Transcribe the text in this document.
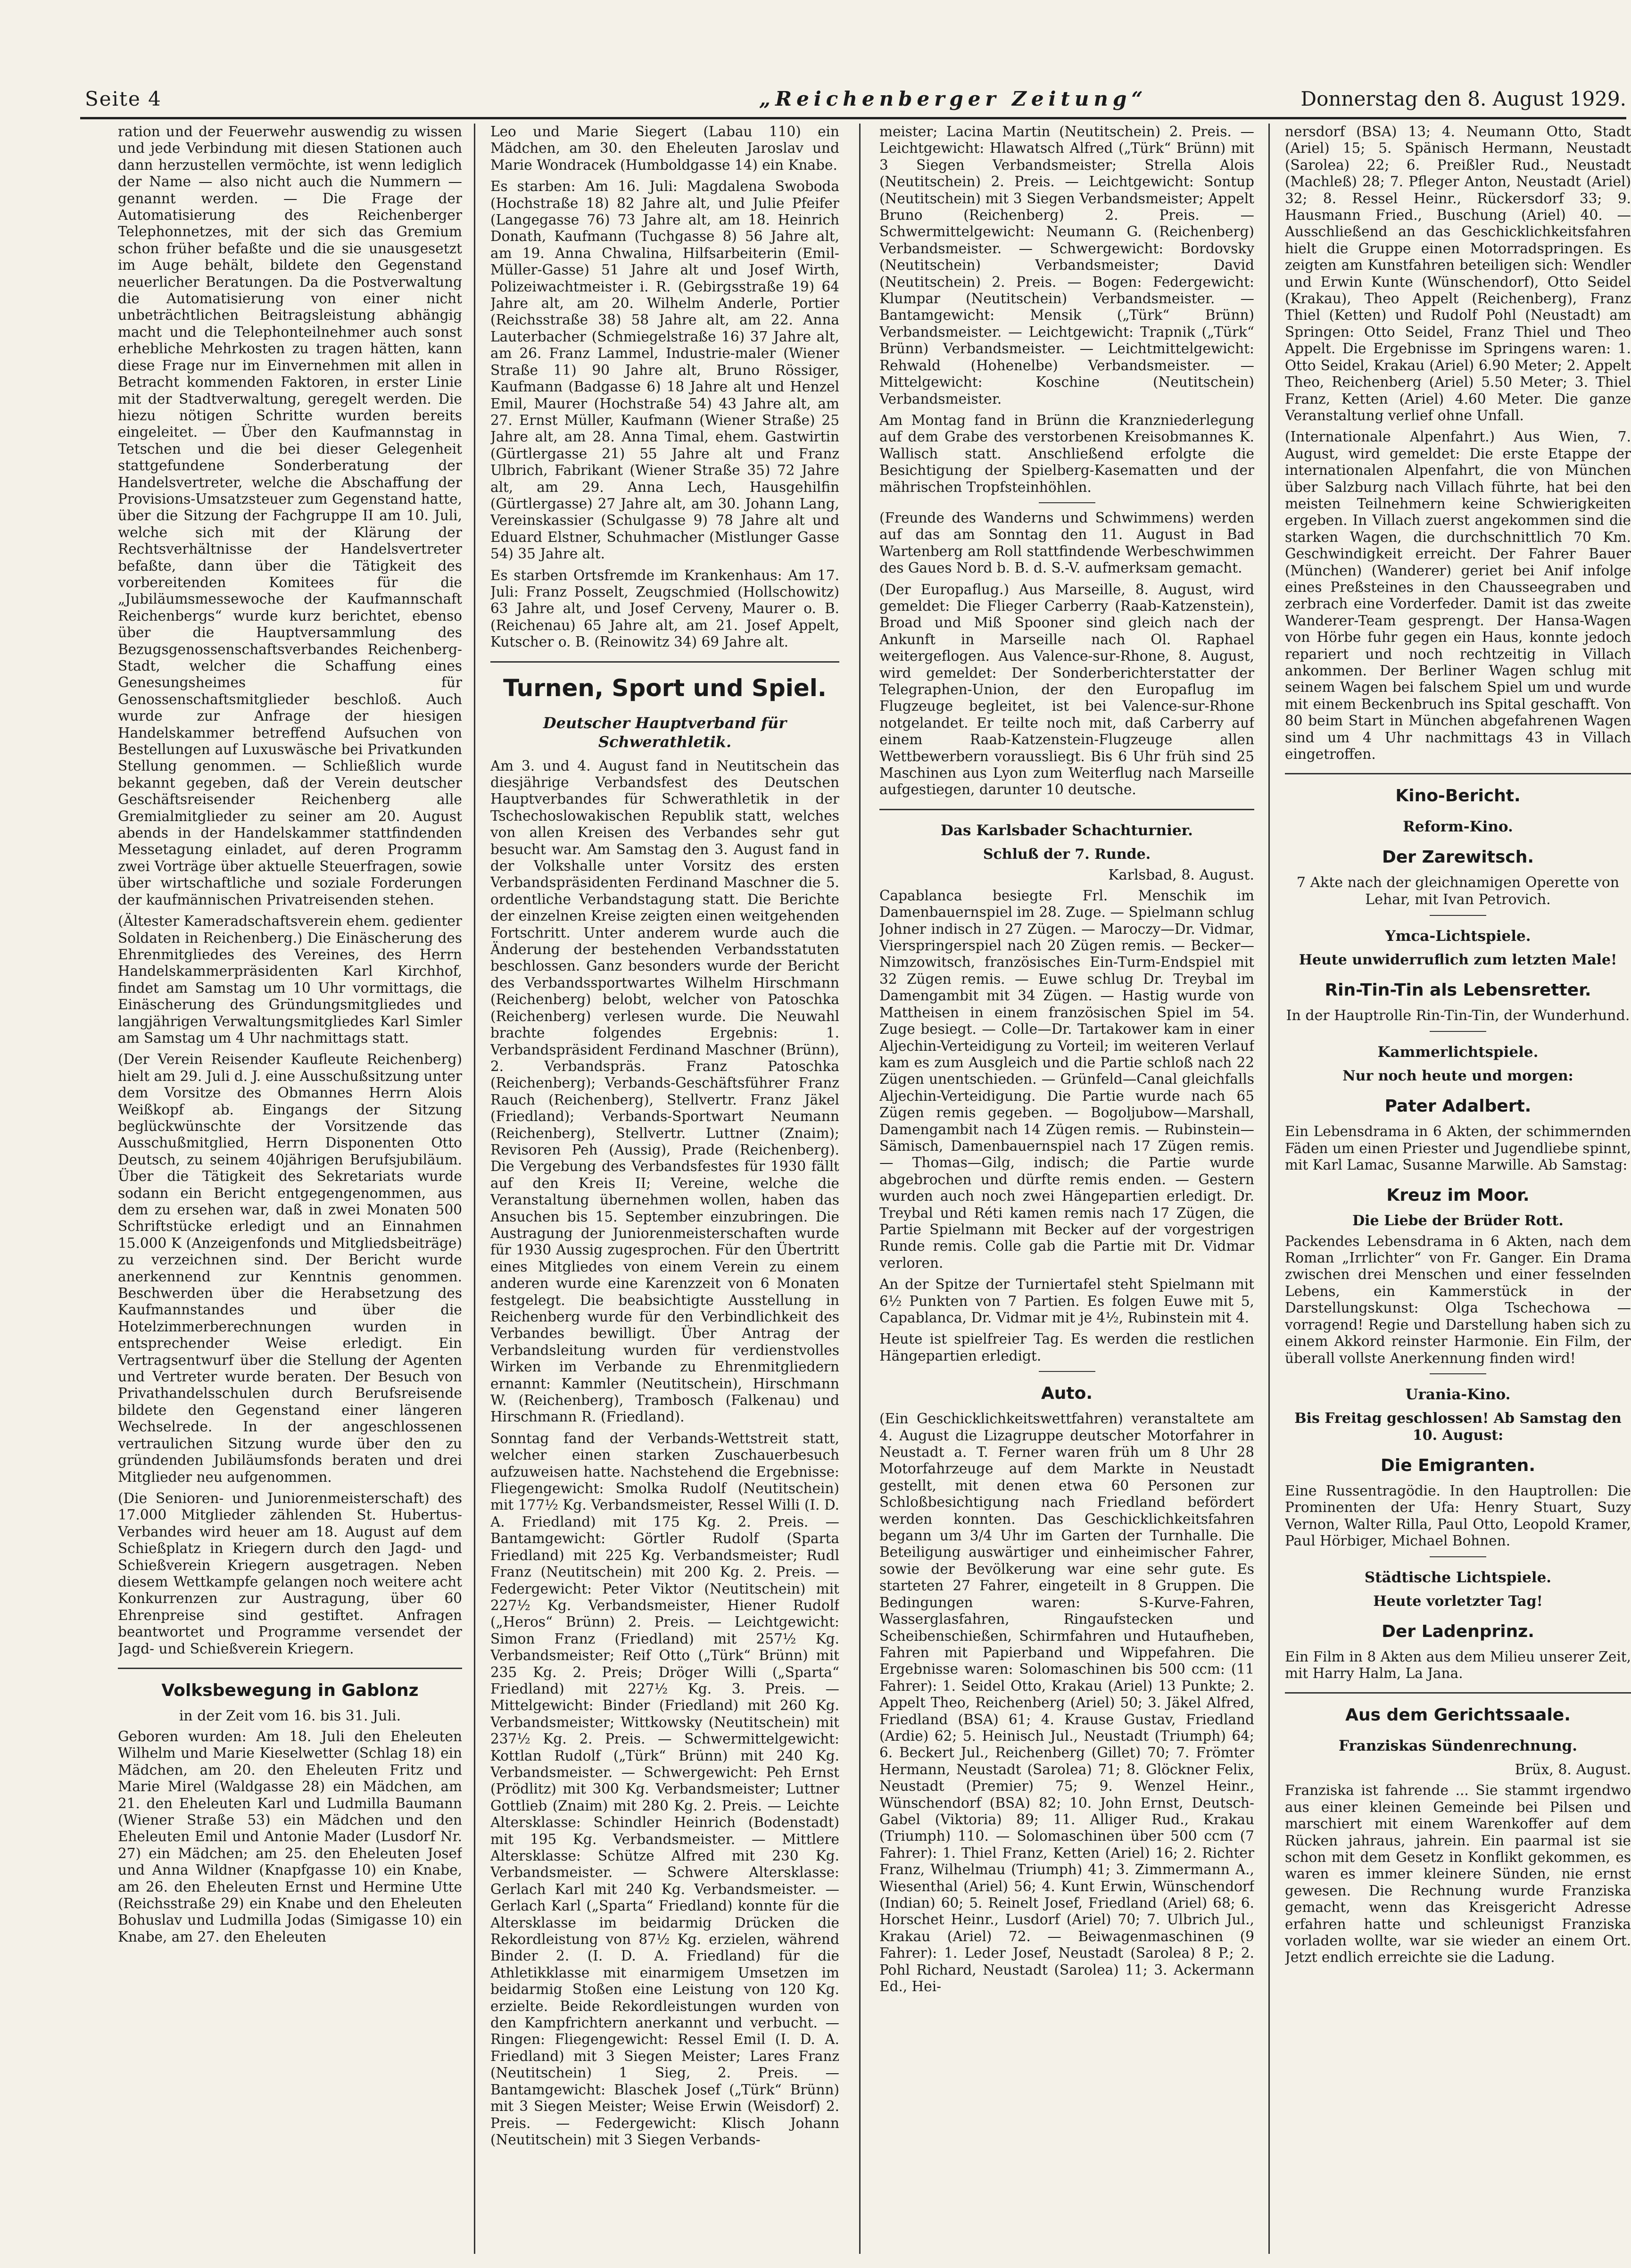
Seite 4	„Reichenberger Zeitung“	Donnerstag den 8. August 1929.

ration und der Feuerwehr auswendig zu wissen und jede Verbindung mit diesen Stationen auch dann herzustellen vermöchte, ist wenn lediglich der Name — also nicht auch die Nummern — genannt werden. — Die Frage der Automatisierung des Reichenberger Telephonnetzes, mit der sich das Gremium schon früher befaßte und die sie unausgesetzt im Auge behält, bildete den Gegenstand neuerlicher Beratungen. Da die Postverwaltung die Automatisierung von einer nicht unbeträchtlichen Beitragsleistung abhängig macht und die Telephonteilnehmer auch sonst erhebliche Mehrkosten zu tragen hätten, kann diese Frage nur im Einvernehmen mit allen in Betracht kommenden Faktoren, in erster Linie mit der Stadtverwaltung, geregelt werden. Die hiezu nötigen Schritte wurden bereits eingeleitet. — Über den Kaufmannstag in Tetschen und die bei dieser Gelegenheit stattgefundene Sonderberatung der Handelsvertreter, welche die Abschaffung der Provisions-Umsatzsteuer zum Gegenstand hatte, über die Sitzung der Fachgruppe II am 10. Juli, welche sich mit der Klärung der Rechtsverhältnisse der Handelsvertreter befaßte, dann über die Tätigkeit des vorbereitenden Komitees für die „Jubiläumsmessewoche der Kaufmannschaft Reichenbergs“ wurde kurz berichtet, ebenso über die Hauptversammlung des Bezugsgenossenschaftsverbandes Reichenberg-Stadt, welcher die Schaffung eines Genesungsheimes für Genossenschaftsmitglieder beschloß. Auch wurde zur Anfrage der hiesigen Handelskammer betreffend Aufsuchen von Bestellungen auf Luxuswäsche bei Privatkunden Stellung genommen. — Schließlich wurde bekannt gegeben, daß der Verein deutscher Geschäftsreisender Reichenberg alle Gremialmitglieder zu seiner am 20. August abends in der Handelskammer stattfindenden Messetagung einladet, auf deren Programm zwei Vorträge über aktuelle Steuerfragen, sowie über wirtschaftliche und soziale Forderungen der kaufmännischen Privatreisenden stehen.

(Ältester Kameradschaftsverein ehem. gedienter Soldaten in Reichenberg.) Die Einäscherung des Ehrenmitgliedes des Vereines, des Herrn Handelskammerpräsidenten Karl Kirchhof, findet am Samstag um 10 Uhr vormittags, die Einäscherung des Gründungsmitgliedes und langjährigen Verwaltungsmitgliedes Karl Simler am Samstag um 4 Uhr nachmittags statt.

(Der Verein Reisender Kaufleute Reichenberg) hielt am 29. Juli d. J. eine Ausschußsitzung unter dem Vorsitze des Obmannes Herrn Alois Weißkopf ab. Eingangs der Sitzung beglückwünschte der Vorsitzende das Ausschußmitglied, Herrn Disponenten Otto Deutsch, zu seinem 40jährigen Berufsjubiläum. Über die Tätigkeit des Sekretariats wurde sodann ein Bericht entgegengenommen, aus dem zu ersehen war, daß in zwei Monaten 500 Schriftstücke erledigt und an Einnahmen 15.000 K (Anzeigenfonds und Mitgliedsbeiträge) zu verzeichnen sind. Der Bericht wurde anerkennend zur Kenntnis genommen. Beschwerden über die Herabsetzung des Kaufmannstandes und über die Hotelzimmerberechnungen wurden in entsprechender Weise erledigt. Ein Vertragsentwurf über die Stellung der Agenten und Vertreter wurde beraten. Der Besuch von Privathandelsschulen durch Berufsreisende bildete den Gegenstand einer längeren Wechselrede. In der angeschlossenen vertraulichen Sitzung wurde über den zu gründenden Jubiläumsfonds beraten und drei Mitglieder neu aufgenommen.

(Die Senioren- und Juniorenmeisterschaft) des 17.000 Mitglieder zählenden St. Hubertus-Verbandes wird heuer am 18. August auf dem Schießplatz in Kriegern durch den Jagd- und Schießverein Kriegern ausgetragen. Neben diesem Wettkampfe gelangen noch weitere acht Konkurrenzen zur Austragung, über 60 Ehrenpreise sind gestiftet. Anfragen beantwortet und Programme versendet der Jagd- und Schießverein Kriegern.

Volksbewegung in Gablonz

in der Zeit vom 16. bis 31. Juli.

Geboren wurden: Am 18. Juli den Eheleuten Wilhelm und Marie Kieselwetter (Schlag 18) ein Mädchen, am 20. den Eheleuten Fritz und Marie Mirel (Waldgasse 28) ein Mädchen, am 21. den Eheleuten Karl und Ludmilla Baumann (Wiener Straße 53) ein Mädchen und den Eheleuten Emil und Antonie Mader (Lusdorf Nr. 27) ein Mädchen; am 25. den Eheleuten Josef und Anna Wildner (Knapfgasse 10) ein Knabe, am 26. den Eheleuten Ernst und Hermine Utte (Reichsstraße 29) ein Knabe und den Eheleuten Bohuslav und Ludmilla Jodas (Simigasse 10) ein Knabe, am 27. den Eheleuten

Leo und Marie Siegert (Labau 110) ein Mädchen, am 30. den Eheleuten Jaroslav und Marie Wondracek (Humboldgasse 14) ein Knabe.

Es starben: Am 16. Juli: Magdalena Swoboda (Hochstraße 18) 82 Jahre alt, und Julie Pfeifer (Langegasse 76) 73 Jahre alt, am 18. Heinrich Donath, Kaufmann (Tuchgasse 8) 56 Jahre alt, am 19. Anna Chwalina, Hilfsarbeiterin (Emil-Müller-Gasse) 51 Jahre alt und Josef Wirth, Polizeiwachtmeister i. R. (Gebirgsstraße 19) 64 Jahre alt, am 20. Wilhelm Anderle, Portier (Reichsstraße 38) 58 Jahre alt, am 22. Anna Lauterbacher (Schmiegelstraße 16) 37 Jahre alt, am 26. Franz Lammel, Industrie-maler (Wiener Straße 11) 90 Jahre alt, Bruno Rössiger, Kaufmann (Badgasse 6) 18 Jahre alt und Henzel Emil, Maurer (Hochstraße 54) 43 Jahre alt, am 27. Ernst Müller, Kaufmann (Wiener Straße) 25 Jahre alt, am 28. Anna Timal, ehem. Gastwirtin (Gürtlergasse 21) 55 Jahre alt und Franz Ulbrich, Fabrikant (Wiener Straße 35) 72 Jahre alt, am 29. Anna Lech, Hausgehilfin (Gürtlergasse) 27 Jahre alt, am 30. Johann Lang, Vereinskassier (Schulgasse 9) 78 Jahre alt und Eduard Elstner, Schuhmacher (Mistlunger Gasse 54) 35 Jahre alt.

Es starben Ortsfremde im Krankenhaus: Am 17. Juli: Franz Posselt, Zeugschmied (Hollschowitz) 63 Jahre alt, und Josef Cerveny, Maurer o. B. (Reichenau) 65 Jahre alt, am 21. Josef Appelt, Kutscher o. B. (Reinowitz 34) 69 Jahre alt.

Turnen, Sport und Spiel.
Deutscher Hauptverband für Schwerathletik.

Am 3. und 4. August fand in Neutitschein das diesjährige Verbandsfest des Deutschen Hauptverbandes für Schwerathletik in der Tschechoslowakischen Republik statt, welches von allen Kreisen des Verbandes sehr gut besucht war. Am Samstag den 3. August fand in der Volkshalle unter Vorsitz des ersten Verbandspräsidenten Ferdinand Maschner die 5. ordentliche Verbandstagung statt. Die Berichte der einzelnen Kreise zeigten einen weitgehenden Fortschritt. Unter anderem wurde auch die Änderung der bestehenden Verbandsstatuten beschlossen. Ganz besonders wurde der Bericht des Verbandssportwartes Wilhelm Hirschmann (Reichenberg) belobt, welcher von Patoschka (Reichenberg) verlesen wurde. Die Neuwahl brachte folgendes Ergebnis: 1. Verbandspräsident Ferdinand Maschner (Brünn), 2. Verbandspräs. Franz Patoschka (Reichenberg); Verbands-Geschäftsführer Franz Rauch (Reichenberg), Stellvertr. Franz Jäkel (Friedland); Verbands-Sportwart Neumann (Reichenberg), Stellvertr. Luttner (Znaim); Revisoren Peh (Aussig), Prade (Reichenberg). Die Vergebung des Verbandsfestes für 1930 fällt auf den Kreis II; Vereine, welche die Veranstaltung übernehmen wollen, haben das Ansuchen bis 15. September einzubringen. Die Austragung der Juniorenmeisterschaften wurde für 1930 Aussig zugesprochen. Für den Übertritt eines Mitgliedes von einem Verein zu einem anderen wurde eine Karenzzeit von 6 Monaten festgelegt. Die beabsichtigte Ausstellung in Reichenberg wurde für den Verbindlichkeit des Verbandes bewilligt. Über Antrag der Verbandsleitung wurden für verdienstvolles Wirken im Verbande zu Ehrenmitgliedern ernannt: Kammler (Neutitschein), Hirschmann W. (Reichenberg), Trambosch (Falkenau) und Hirschmann R. (Friedland).

Sonntag fand der Verbands-Wettstreit statt, welcher einen starken Zuschauerbesuch aufzuweisen hatte. Nachstehend die Ergebnisse: Fliegengewicht: Smolka Rudolf (Neutitschein) mit 177½ Kg. Verbandsmeister, Ressel Willi (I. D. A. Friedland) mit 175 Kg. 2. Preis. — Bantamgewicht: Görtler Rudolf (Sparta Friedland) mit 225 Kg. Verbandsmeister; Rudl Franz (Neutitschein) mit 200 Kg. 2. Preis. — Federgewicht: Peter Viktor (Neutitschein) mit 227½ Kg. Verbandsmeister, Hiener Rudolf („Heros“ Brünn) 2. Preis. — Leichtgewicht: Simon Franz (Friedland) mit 257½ Kg. Verbandsmeister; Reif Otto („Türk“ Brünn) mit 235 Kg. 2. Preis; Dröger Willi („Sparta“ Friedland) mit 227½ Kg. 3. Preis. — Mittelgewicht: Binder (Friedland) mit 260 Kg. Verbandsmeister; Wittkowsky (Neutitschein) mit 237½ Kg. 2. Preis. — Schwermittelgewicht: Kottlan Rudolf („Türk“ Brünn) mit 240 Kg. Verbandsmeister. — Schwergewicht: Peh Ernst (Prödlitz) mit 300 Kg. Verbandsmeister; Luttner Gottlieb (Znaim) mit 280 Kg. 2. Preis. — Leichte Altersklasse: Schindler Heinrich (Bodenstadt) mit 195 Kg. Verbandsmeister. — Mittlere Altersklasse: Schütze Alfred mit 230 Kg. Verbandsmeister. — Schwere Altersklasse: Gerlach Karl mit 240 Kg. Verbandsmeister. — Gerlach Karl („Sparta“ Friedland) konnte für die Altersklasse im beidarmig Drücken die Rekordleistung von 87½ Kg. erzielen, während Binder 2. (I. D. A. Friedland) für die Athletikklasse mit einarmigem Umsetzen im beidarmig Stoßen eine Leistung von 120 Kg. erzielte. Beide Rekordleistungen wurden von den Kampfrichtern anerkannt und verbucht. — Ringen: Fliegengewicht: Ressel Emil (I. D. A. Friedland) mit 3 Siegen Meister; Lares Franz (Neutitschein) 1 Sieg, 2. Preis. — Bantamgewicht: Blaschek Josef („Türk“ Brünn) mit 3 Siegen Meister; Weise Erwin (Weisdorf) 2. Preis. — Federgewicht: Klisch Johann (Neutitschein) mit 3 Siegen Verbands-

meister; Lacina Martin (Neutitschein) 2. Preis. — Leichtgewicht: Hlawatsch Alfred („Türk“ Brünn) mit 3 Siegen Verbandsmeister; Strella Alois (Neutitschein) 2. Preis. — Leichtgewicht: Sontup (Neutitschein) mit 3 Siegen Verbandsmeister; Appelt Bruno (Reichenberg) 2. Preis. — Schwermittelgewicht: Neumann G. (Reichenberg) Verbandsmeister. — Schwergewicht: Bordovsky (Neutitschein) Verbandsmeister; David (Neutitschein) 2. Preis. — Bogen: Federgewicht: Klumpar (Neutitschein) Verbandsmeister. — Bantamgewicht: Mensik („Türk“ Brünn) Verbandsmeister. — Leichtgewicht: Trapnik („Türk“ Brünn) Verbandsmeister. — Leichtmittelgewicht: Rehwald (Hohenelbe) Verbandsmeister. — Mittelgewicht: Koschine (Neutitschein) Verbandsmeister.

Am Montag fand in Brünn die Kranzniederlegung auf dem Grabe des verstorbenen Kreisobmannes K. Wallisch statt. Anschließend erfolgte die Besichtigung der Spielberg-Kasematten und der mährischen Tropfsteinhöhlen.

(Freunde des Wanderns und Schwimmens) werden auf das am Sonntag den 11. August in Bad Wartenberg am Roll stattfindende Werbeschwimmen des Gaues Nord b. B. d. S.-V. aufmerksam gemacht.

(Der Europaflug.) Aus Marseille, 8. August, wird gemeldet: Die Flieger Carberry (Raab-Katzenstein), Broad und Miß Spooner sind gleich nach der Ankunft in Marseille nach Ol. Raphael weitergeflogen. Aus Valence-sur-Rhone, 8. August, wird gemeldet: Der Sonderberichterstatter der Telegraphen-Union, der den Europaflug im Flugzeuge begleitet, ist bei Valence-sur-Rhone notgelandet. Er teilte noch mit, daß Carberry auf einem Raab-Katzenstein-Flugzeuge allen Wettbewerbern voraussliegt. Bis 6 Uhr früh sind 25 Maschinen aus Lyon zum Weiterflug nach Marseille aufgestiegen, darunter 10 deutsche.

Das Karlsbader Schachturnier.

Schluß der 7. Runde.

Karlsbad, 8. August.

Capablanca besiegte Frl. Menschik im Damenbauernspiel im 28. Zuge. — Spielmann schlug Johner indisch in 27 Zügen. — Maroczy—Dr. Vidmar, Vierspringerspiel nach 20 Zügen remis. — Becker—Nimzowitsch, französisches Ein-Turm-Endspiel mit 32 Zügen remis. — Euwe schlug Dr. Treybal im Damengambit mit 34 Zügen. — Hastig wurde von Mattheisen in einem französischen Spiel im 54. Zuge besiegt. — Colle—Dr. Tartakower kam in einer Aljechin-Verteidigung zu Vorteil; im weiteren Verlauf kam es zum Ausgleich und die Partie schloß nach 22 Zügen unentschieden. — Grünfeld—Canal gleichfalls Aljechin-Verteidigung. Die Partie wurde nach 65 Zügen remis gegeben. — Bogoljubow—Marshall, Damengambit nach 14 Zügen remis. — Rubinstein—Sämisch, Damenbauernspiel nach 17 Zügen remis. — Thomas—Gilg, indisch; die Partie wurde abgebrochen und dürfte remis enden. — Gestern wurden auch noch zwei Hängepartien erledigt. Dr. Treybal und Réti kamen remis nach 17 Zügen, die Partie Spielmann mit Becker auf der vorgestrigen Runde remis. Colle gab die Partie mit Dr. Vidmar verloren.

An der Spitze der Turniertafel steht Spielmann mit 6½ Punkten von 7 Partien. Es folgen Euwe mit 5, Capablanca, Dr. Vidmar mit je 4½, Rubinstein mit 4.

Heute ist spielfreier Tag. Es werden die restlichen Hängepartien erledigt.

Auto.

(Ein Geschicklichkeitswettfahren) veranstaltete am 4. August die Lizagruppe deutscher Motorfahrer in Neustadt a. T. Ferner waren früh um 8 Uhr 28 Motorfahrzeuge auf dem Markte in Neustadt gestellt, mit denen etwa 60 Personen zur Schloßbesichtigung nach Friedland befördert werden konnten. Das Geschicklichkeitsfahren begann um 3/4 Uhr im Garten der Turnhalle. Die Beteiligung auswärtiger und einheimischer Fahrer, sowie der Bevölkerung war eine sehr gute. Es starteten 27 Fahrer, eingeteilt in 8 Gruppen. Die Bedingungen waren: S-Kurve-Fahren, Wasserglasfahren, Ringaufstecken und Scheibenschießen, Schirmfahren und Hutaufheben, Fahren mit Papierband und Wippefahren. Die Ergebnisse waren: Solomaschinen bis 500 ccm: (11 Fahrer): 1. Seidel Otto, Krakau (Ariel) 13 Punkte; 2. Appelt Theo, Reichenberg (Ariel) 50; 3. Jäkel Alfred, Friedland (BSA) 61; 4. Krause Gustav, Friedland (Ardie) 62; 5. Heinisch Jul., Neustadt (Triumph) 64; 6. Beckert Jul., Reichenberg (Gillet) 70; 7. Frömter Hermann, Neustadt (Sarolea) 71; 8. Glöckner Felix, Neustadt (Premier) 75; 9. Wenzel Heinr., Wünschendorf (BSA) 82; 10. John Ernst, Deutsch-Gabel (Viktoria) 89; 11. Alliger Rud., Krakau (Triumph) 110. — Solomaschinen über 500 ccm (7 Fahrer): 1. Thiel Franz, Ketten (Ariel) 16; 2. Richter Franz, Wilhelmau (Triumph) 41; 3. Zimmermann A., Wiesenthal (Ariel) 56; 4. Kunt Erwin, Wünschendorf (Indian) 60; 5. Reinelt Josef, Friedland (Ariel) 68; 6. Horschet Heinr., Lusdorf (Ariel) 70; 7. Ulbrich Jul., Krakau (Ariel) 72. — Beiwagenmaschinen (9 Fahrer): 1. Leder Josef, Neustadt (Sarolea) 8 P.; 2. Pohl Richard, Neustadt (Sarolea) 11; 3. Ackermann Ed., Hei-

nersdorf (BSA) 13; 4. Neumann Otto, Stadt (Ariel) 15; 5. Spänisch Hermann, Neustadt (Sarolea) 22; 6. Preißler Rud., Neustadt (Machleß) 28; 7. Pfleger Anton, Neustadt (Ariel) 32; 8. Ressel Heinr., Rückersdorf 33; 9. Hausmann Fried., Buschung (Ariel) 40. — Ausschließend an das Geschicklichkeitsfahren hielt die Gruppe einen Motorradspringen. Es zeigten am Kunstfahren beteiligen sich: Wendler und Erwin Kunte (Wünschendorf), Otto Seidel (Krakau), Theo Appelt (Reichenberg), Franz Thiel (Ketten) und Rudolf Pohl (Neustadt) am Springen: Otto Seidel, Franz Thiel und Theo Appelt. Die Ergebnisse im Springens waren: 1. Otto Seidel, Krakau (Ariel) 6.90 Meter; 2. Appelt Theo, Reichenberg (Ariel) 5.50 Meter; 3. Thiel Franz, Ketten (Ariel) 4.60 Meter. Die ganze Veranstaltung verlief ohne Unfall.

(Internationale Alpenfahrt.) Aus Wien, 7. August, wird gemeldet: Die erste Etappe der internationalen Alpenfahrt, die von München über Salzburg nach Villach führte, hat bei den meisten Teilnehmern keine Schwierigkeiten ergeben. In Villach zuerst angekommen sind die starken Wagen, die durchschnittlich 70 Km. Geschwindigkeit erreicht. Der Fahrer Bauer (München) (Wanderer) geriet bei Anif infolge eines Preßsteines in den Chausseegraben und zerbrach eine Vorderfeder. Damit ist das zweite Wanderer-Team gesprengt. Der Hansa-Wagen von Hörbe fuhr gegen ein Haus, konnte jedoch repariert und noch rechtzeitig in Villach ankommen. Der Berliner Wagen schlug mit seinem Wagen bei falschem Spiel um und wurde mit einem Beckenbruch ins Spital geschafft. Von 80 beim Start in München abgefahrenen Wagen sind um 4 Uhr nachmittags 43 in Villach eingetroffen.

Kino-Bericht.
Reform-Kino.
Der Zarewitsch.

7 Akte nach der gleichnamigen Operette von Lehar, mit Ivan Petrovich.

Ymca-Lichtspiele.

Heute unwiderruflich zum letzten Male!

Rin-Tin-Tin als Lebensretter.

In der Hauptrolle Rin-Tin-Tin, der Wunderhund.

Kammerlichtspiele.

Nur noch heute und morgen:

Pater Adalbert.

Ein Lebensdrama in 6 Akten, der schimmernden Fäden um einen Priester und Jugendliebe spinnt, mit Karl Lamac, Susanne Marwille. Ab Samstag:

Kreuz im Moor.

Die Liebe der Brüder Rott.

Packendes Lebensdrama in 6 Akten, nach dem Roman „Irrlichter“ von Fr. Ganger. Ein Drama zwischen drei Menschen und einer fesselnden Lebens, ein Kammerstück in der Darstellungskunst: Olga Tschechowa — vorragend! Regie und Darstellung haben sich zu einem Akkord reinster Harmonie. Ein Film, der überall vollste Anerkennung finden wird!

Urania-Kino.

Bis Freitag geschlossen! Ab Samstag den 10. August:

Die Emigranten.

Eine Russentragödie. In den Hauptrollen: Die Prominenten der Ufa: Henry Stuart, Suzy Vernon, Walter Rilla, Paul Otto, Leopold Kramer, Paul Hörbiger, Michael Bohnen.

Städtische Lichtspiele.

Heute vorletzter Tag!

Der Ladenprinz.

Ein Film in 8 Akten aus dem Milieu unserer Zeit, mit Harry Halm, La Jana.

Aus dem Gerichtssaale.
Franziskas Sündenrechnung.

Brüx, 8. August.

Franziska ist fahrende ... Sie stammt irgendwo aus einer kleinen Gemeinde bei Pilsen und marschiert mit einem Warenkoffer auf dem Rücken jahraus, jahrein. Ein paarmal ist sie schon mit dem Gesetz in Konflikt gekommen, es waren es immer kleinere Sünden, nie ernst gewesen. Die Rechnung wurde Franziska gemacht, wenn das Kreisgericht Adresse erfahren hatte und schleunigst Franziska vorladen wollte, war sie wieder an einem Ort. Jetzt endlich erreichte sie die Ladung.
